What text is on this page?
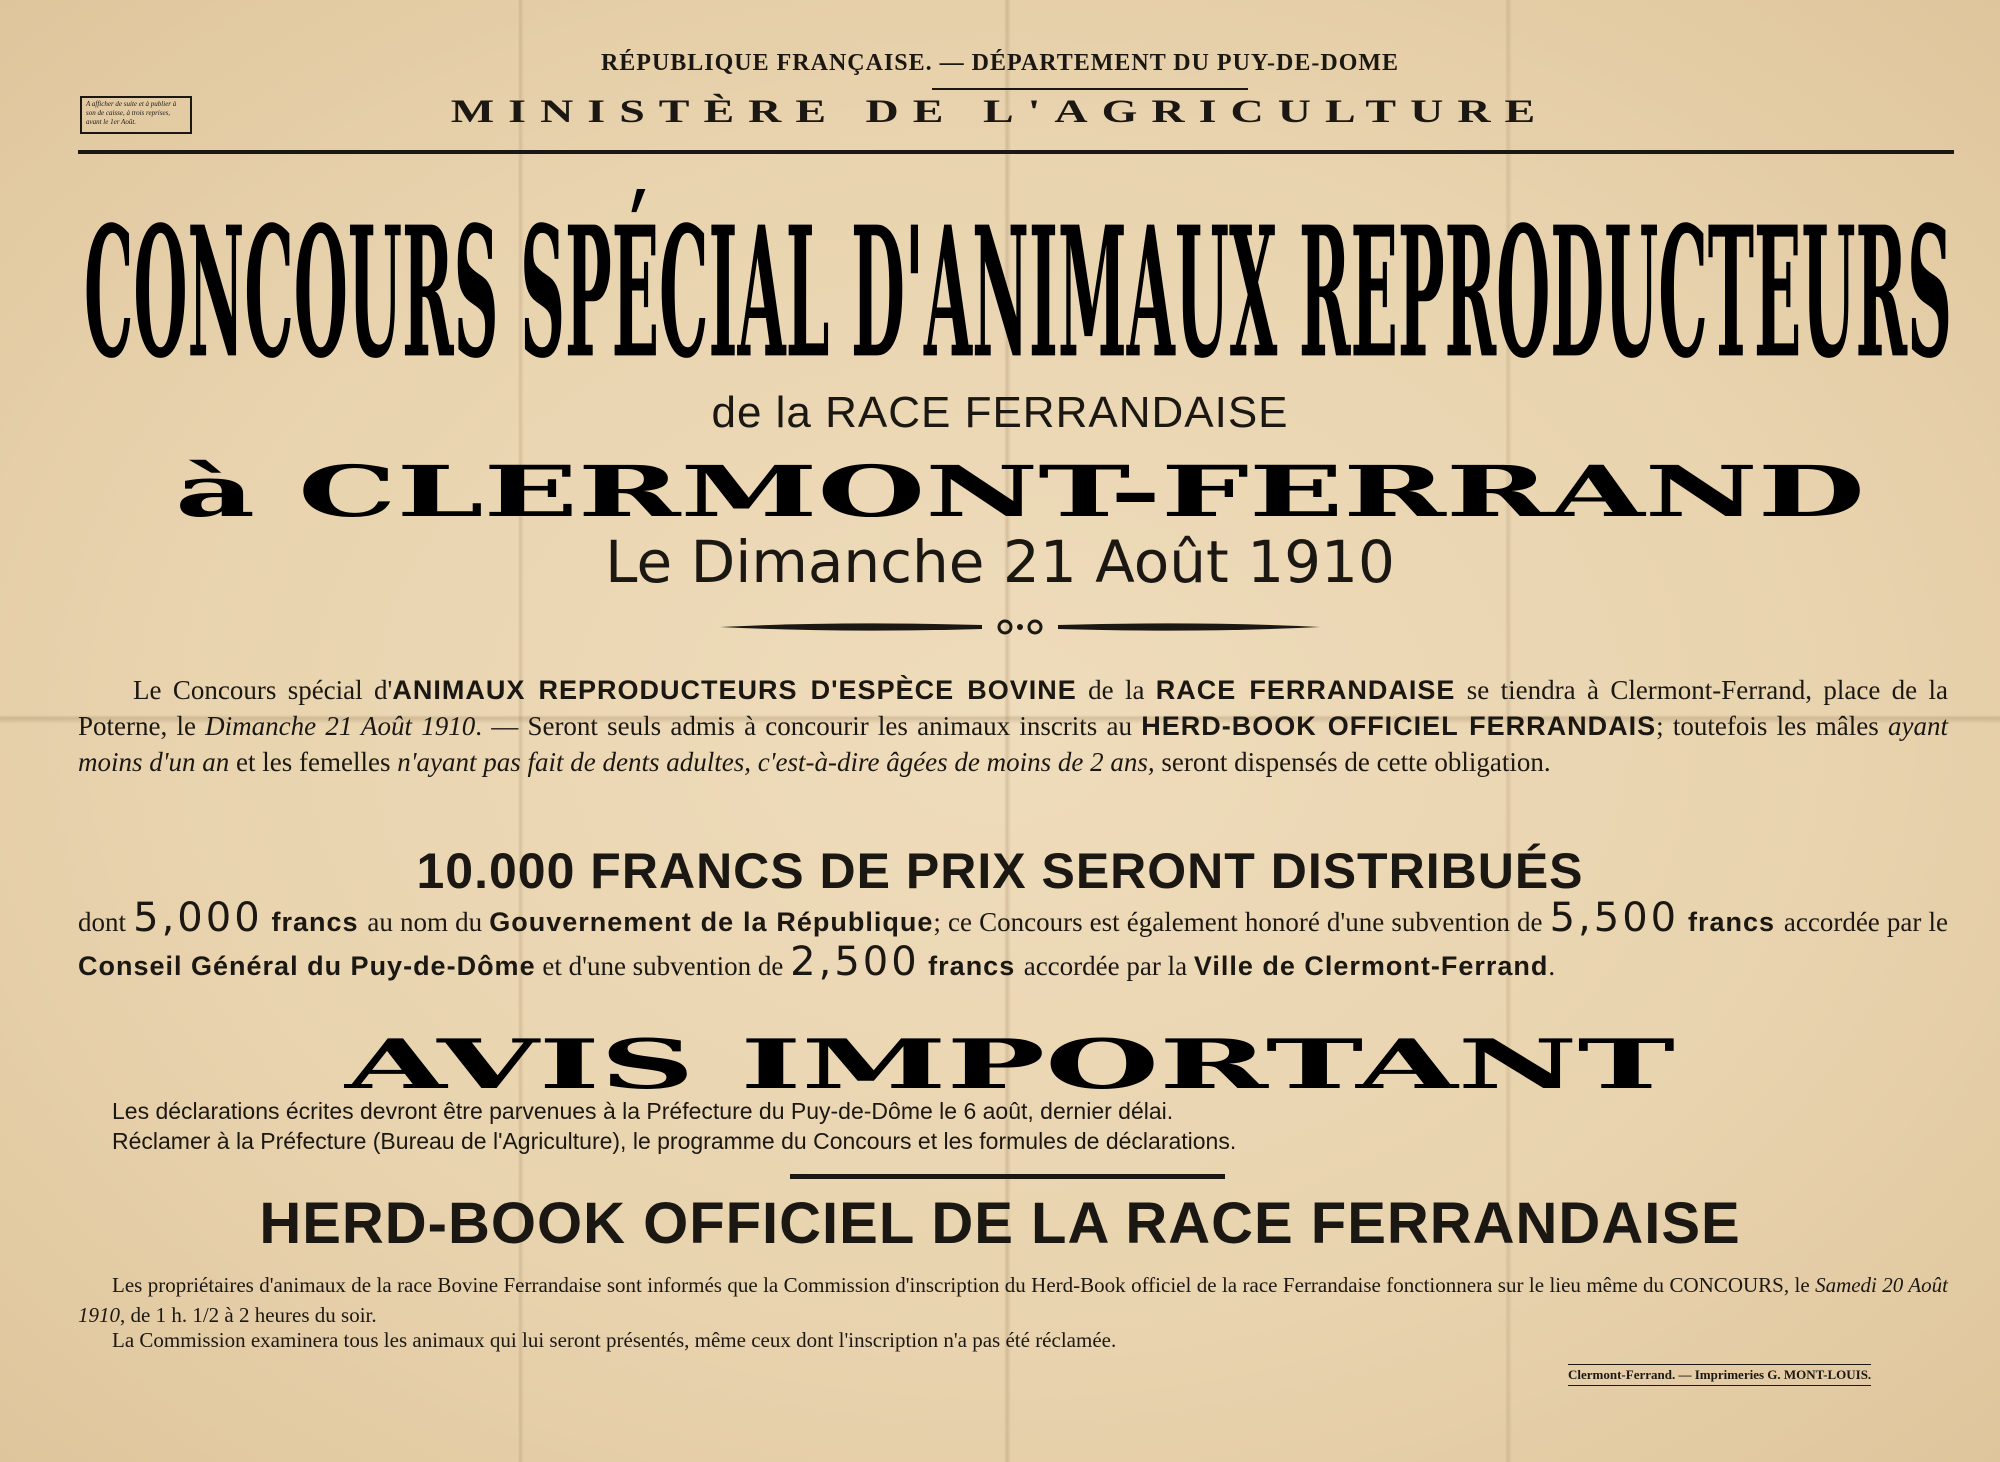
A afficher de suite et à publier à son de caisse, à trois reprises, avant le 1er Août.
RÉPUBLIQUE FRANÇAISE. — DÉPARTEMENT DU PUY-DE-DOME
MINISTÈRE DE L'AGRICULTURE
CONCOURS SPÉCIAL D'ANIMAUX REPRODUCTEURS
de la RACE FERRANDAISE
à CLERMONT-FERRAND
Le Dimanche 21 Août 1910
Le Concours spécial d'ANIMAUX REPRODUCTEURS D'ESPÈCE BOVINE de la RACE FERRANDAISE se tiendra à Clermont-Ferrand, place de la Poterne, le Dimanche 21 Août 1910. — Seront seuls admis à concourir les animaux inscrits au HERD-BOOK OFFICIEL FERRANDAIS; toutefois les mâles ayant moins d'un an et les femelles n'ayant pas fait de dents adultes, c'est-à-dire âgées de moins de 2 ans, seront dispensés de cette obligation.
10.000 FRANCS DE PRIX SERONT DISTRIBUÉS
dont 5,000 francs au nom du Gouvernement de la République; ce Concours est également honoré d'une subvention de 5,500 francs accordée par le Conseil Général du Puy-de-Dôme et d'une subvention de 2,500 francs accordée par la Ville de Clermont-Ferrand.
AVIS IMPORTANT
Les déclarations écrites devront être parvenues à la Préfecture du Puy-de-Dôme le 6 août, dernier délai.
Réclamer à la Préfecture (Bureau de l'Agriculture), le programme du Concours et les formules de déclarations.
HERD-BOOK OFFICIEL DE LA RACE FERRANDAISE
Les propriétaires d'animaux de la race Bovine Ferrandaise sont informés que la Commission d'inscription du Herd-Book officiel de la race Ferrandaise fonctionnera sur le lieu même du CONCOURS, le Samedi 20 Août 1910, de 1 h. 1/2 à 2 heures du soir.
La Commission examinera tous les animaux qui lui seront présentés, même ceux dont l'inscription n'a pas été réclamée.
Clermont-Ferrand. — Imprimeries G. MONT-LOUIS.
